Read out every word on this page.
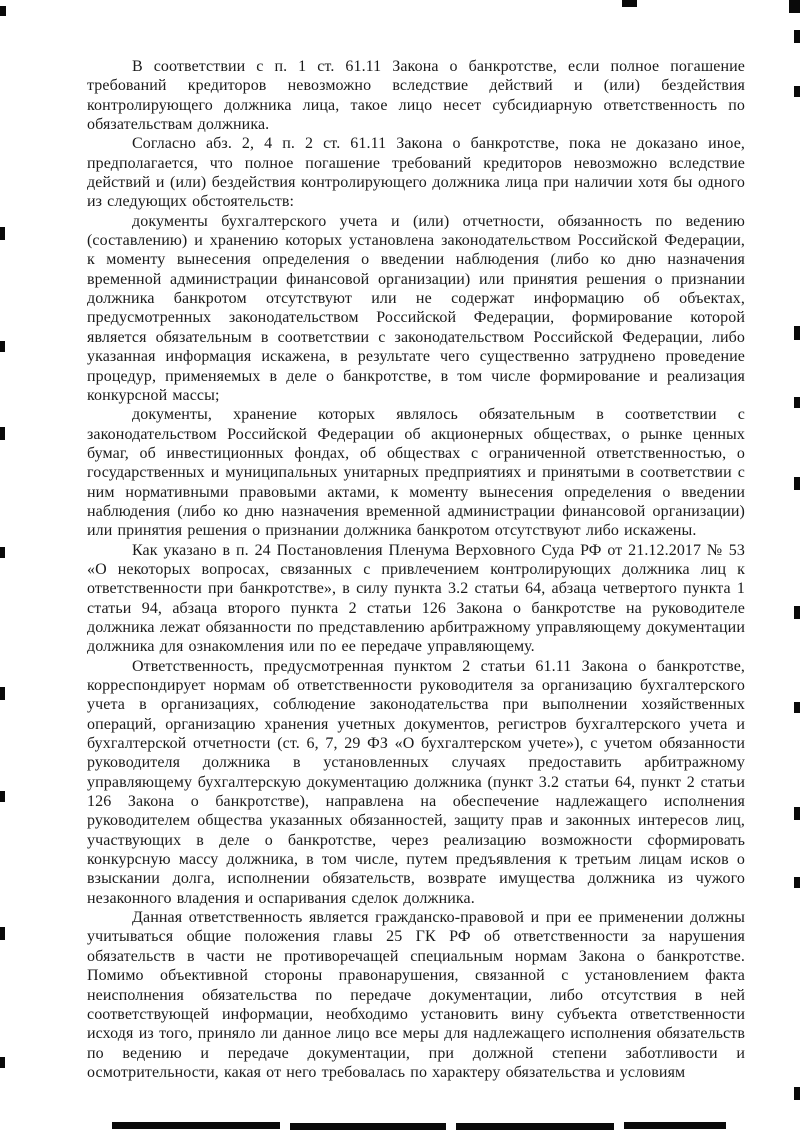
В соответствии с п. 1 ст. 61.11 Закона о банкротстве, если полное погашение требований кредиторов невозможно вследствие действий и (или) бездействия контролирующего должника лица, такое лицо несет субсидиарную ответственность по обязательствам должника.

Согласно абз. 2, 4 п. 2 ст. 61.11 Закона о банкротстве, пока не доказано иное, предполагается, что полное погашение требований кредиторов невозможно вследствие действий и (или) бездействия контролирующего должника лица при наличии хотя бы одного из следующих обстоятельств:

документы бухгалтерского учета и (или) отчетности, обязанность по ведению (составлению) и хранению которых установлена законодательством Российской Федерации, к моменту вынесения определения о введении наблюдения (либо ко дню назначения временной администрации финансовой организации) или принятия решения о признании должника банкротом отсутствуют или не содержат информацию об объектах, предусмотренных законодательством Российской Федерации, формирование которой является обязательным в соответствии с законодательством Российской Федерации, либо указанная информация искажена, в результате чего существенно затруднено проведение процедур, применяемых в деле о банкротстве, в том числе формирование и реализация конкурсной массы;

документы, хранение которых являлось обязательным в соответствии с законодательством Российской Федерации об акционерных обществах, о рынке ценных бумаг, об инвестиционных фондах, об обществах с ограниченной ответственностью, о государственных и муниципальных унитарных предприятиях и принятыми в соответствии с ним нормативными правовыми актами, к моменту вынесения определения о введении наблюдения (либо ко дню назначения временной администрации финансовой организации) или принятия решения о признании должника банкротом отсутствуют либо искажены.

Как указано в п. 24 Постановления Пленума Верховного Суда РФ от 21.12.2017 № 53 «О некоторых вопросах, связанных с привлечением контролирующих должника лиц к ответственности при банкротстве», в силу пункта 3.2 статьи 64, абзаца четвертого пункта 1 статьи 94, абзаца второго пункта 2 статьи 126 Закона о банкротстве на руководителе должника лежат обязанности по представлению арбитражному управляющему документации должника для ознакомления или по ее передаче управляющему.

Ответственность, предусмотренная пунктом 2 статьи 61.11 Закона о банкротстве, корреспондирует нормам об ответственности руководителя за организацию бухгалтерского учета в организациях, соблюдение законодательства при выполнении хозяйственных операций, организацию хранения учетных документов, регистров бухгалтерского учета и бухгалтерской отчетности (ст. 6, 7, 29 ФЗ «О бухгалтерском учете»), с учетом обязанности руководителя должника в установленных случаях предоставить арбитражному управляющему бухгалтерскую документацию должника (пункт 3.2 статьи 64, пункт 2 статьи 126 Закона о банкротстве), направлена на обеспечение надлежащего исполнения руководителем общества указанных обязанностей, защиту прав и законных интересов лиц, участвующих в деле о банкротстве, через реализацию возможности сформировать конкурсную массу должника, в том числе, путем предъявления к третьим лицам исков о взыскании долга, исполнении обязательств, возврате имущества должника из чужого незаконного владения и оспаривания сделок должника.

Данная ответственность является гражданско-правовой и при ее применении должны учитываться общие положения главы 25 ГК РФ об ответственности за нарушения обязательств в части не противоречащей специальным нормам Закона о банкротстве. Помимо объективной стороны правонарушения, связанной с установлением факта неисполнения обязательства по передаче документации, либо отсутствия в ней соответствующей информации, необходимо установить вину субъекта ответственности исходя из того, приняло ли данное лицо все меры для надлежащего исполнения обязательств по ведению и передаче документации, при должной степени заботливости и осмотрительности, какая от него требовалась по характеру обязательства и условиям
